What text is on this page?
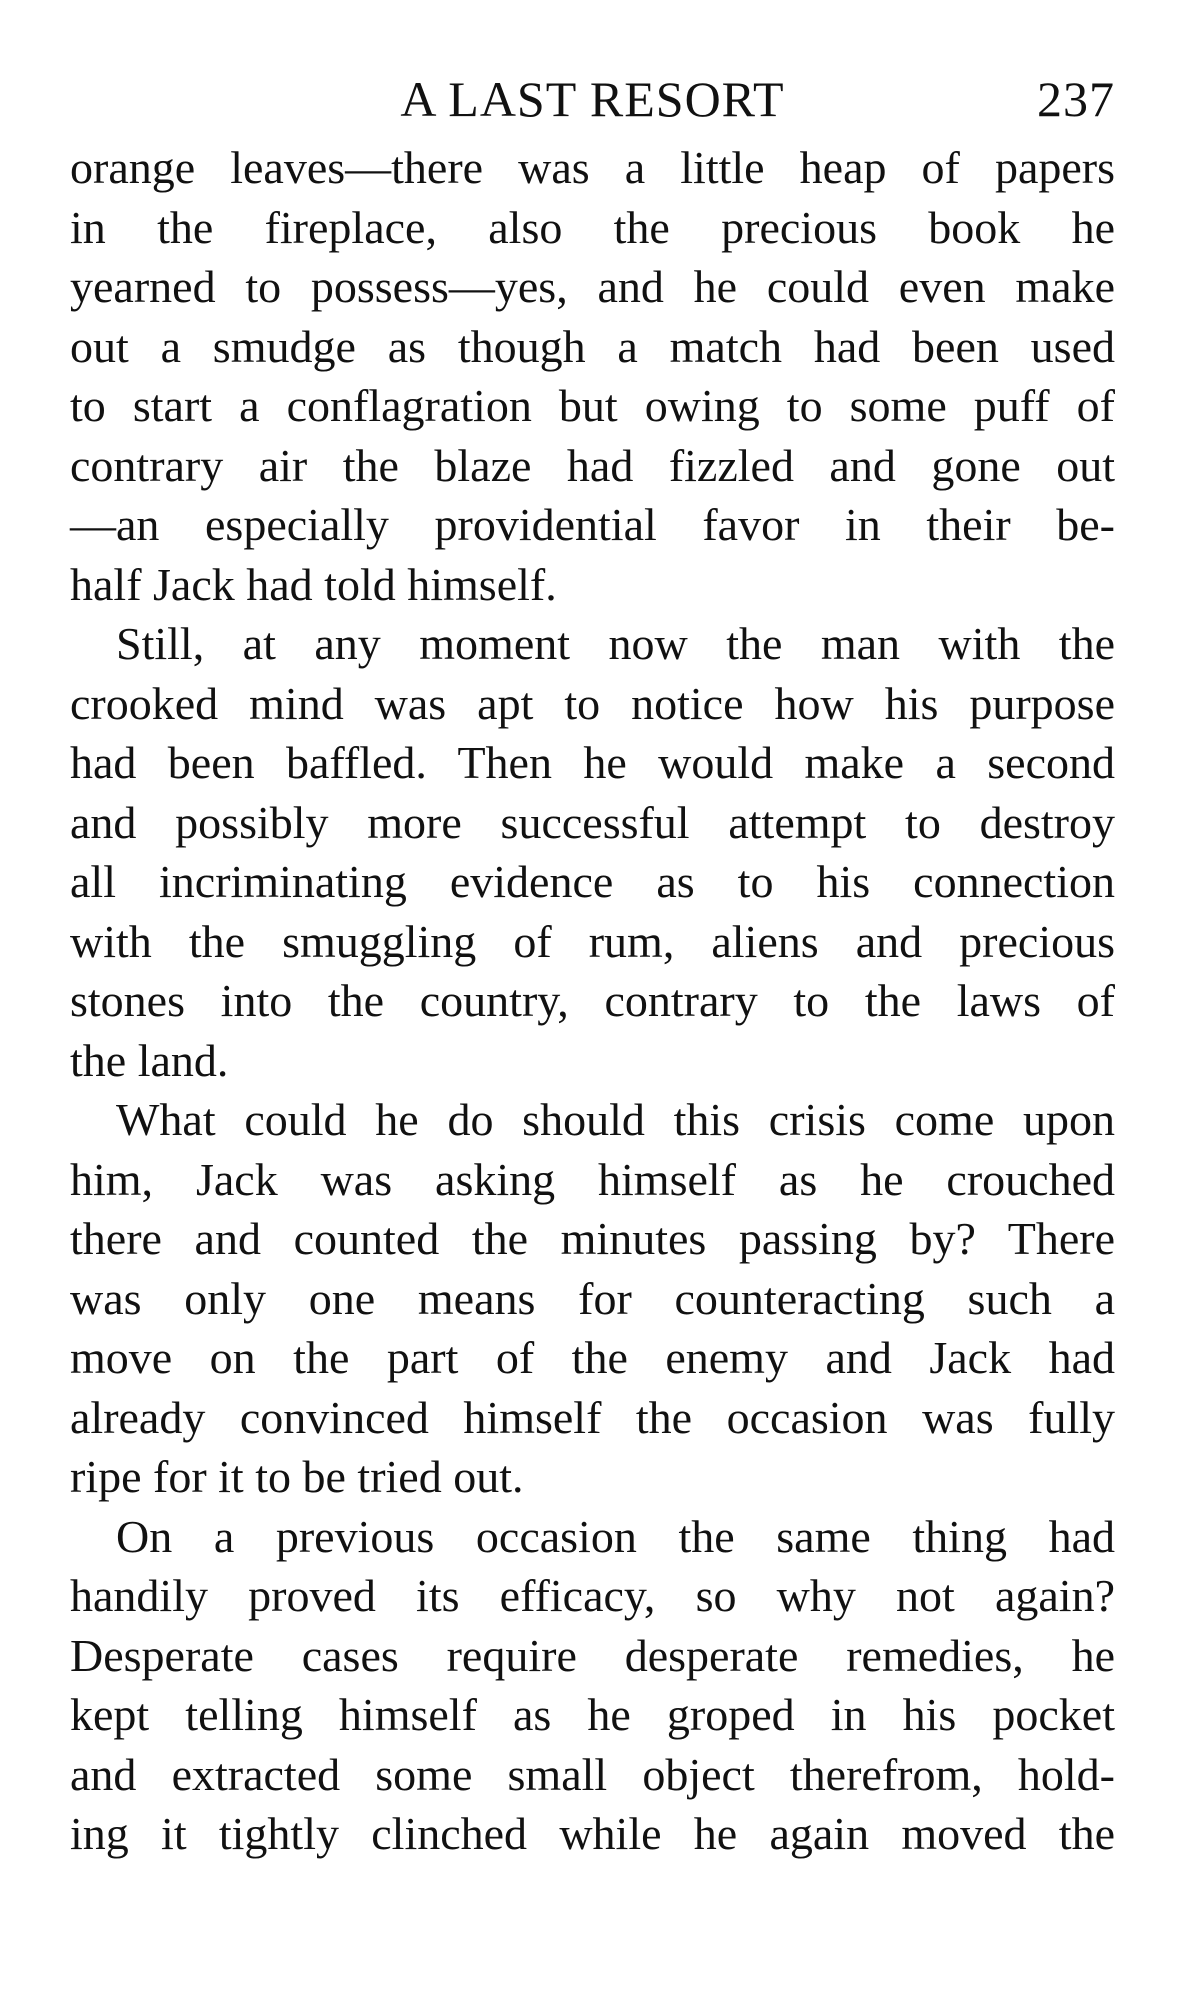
A LAST RESORT	237

orange leaves—there was a little heap of papers
in the fireplace, also the precious book he
yearned to possess—yes, and he could even make
out a smudge as though a match had been used
to start a conflagration but owing to some puff of
contrary air the blaze had fizzled and gone out
—an especially providential favor in their be-
half Jack had told himself.

Still, at any moment now the man with the
crooked mind was apt to notice how his purpose
had been baffled. Then he would make a second
and possibly more successful attempt to destroy
all incriminating evidence as to his connection
with the smuggling of rum, aliens and precious
stones into the country, contrary to the laws of
the land.

What could he do should this crisis come upon
him, Jack was asking himself as he crouched
there and counted the minutes passing by? There
was only one means for counteracting such a
move on the part of the enemy and Jack had
already convinced himself the occasion was fully
ripe for it to be tried out.

On a previous occasion the same thing had
handily proved its efficacy, so why not again?
Desperate cases require desperate remedies, he
kept telling himself as he groped in his pocket
and extracted some small object therefrom, hold-
ing it tightly clinched while he again moved the
